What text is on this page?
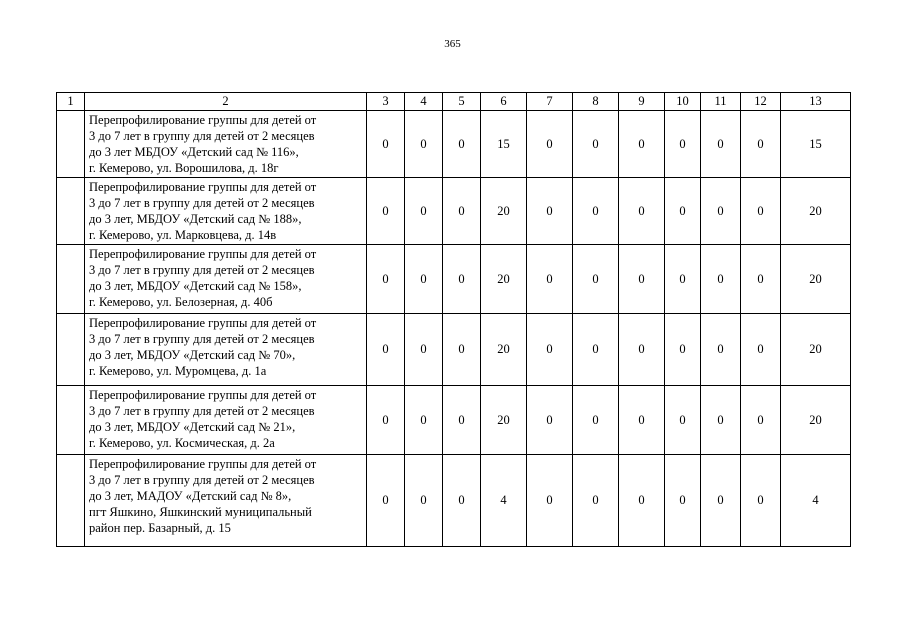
365
1	2	3	4	5	6	7	8	9	10	11	12	13
	Перепрофилирование группы для детей от
3 до 7 лет в группу для детей от 2 месяцев
до 3 лет МБДОУ «Детский сад № 116»,
г. Кемерово, ул. Ворошилова, д. 18г	0	0	0	15	0	0	0	0	0	0	15
	Перепрофилирование группы для детей от
3 до 7 лет в группу для детей от 2 месяцев
до 3 лет, МБДОУ «Детский сад № 188»,
г. Кемерово, ул. Марковцева, д. 14в	0	0	0	20	0	0	0	0	0	0	20
	Перепрофилирование группы для детей от
3 до 7 лет в группу для детей от 2 месяцев
до 3 лет, МБДОУ «Детский сад № 158»,
г. Кемерово, ул. Белозерная, д. 40б	0	0	0	20	0	0	0	0	0	0	20
	Перепрофилирование группы для детей от
3 до 7 лет в группу для детей от 2 месяцев
до 3 лет, МБДОУ «Детский сад № 70»,
г. Кемерово, ул. Муромцева, д. 1а	0	0	0	20	0	0	0	0	0	0	20
	Перепрофилирование группы для детей от
3 до 7 лет в группу для детей от 2 месяцев
до 3 лет, МБДОУ «Детский сад № 21»,
г. Кемерово, ул. Космическая, д. 2а	0	0	0	20	0	0	0	0	0	0	20
	Перепрофилирование группы для детей от
3 до 7 лет в группу для детей от 2 месяцев
до 3 лет, МАДОУ «Детский сад № 8»,
пгт Яшкино, Яшкинский муниципальный
район пер. Базарный, д. 15	0	0	0	4	0	0	0	0	0	0	4
